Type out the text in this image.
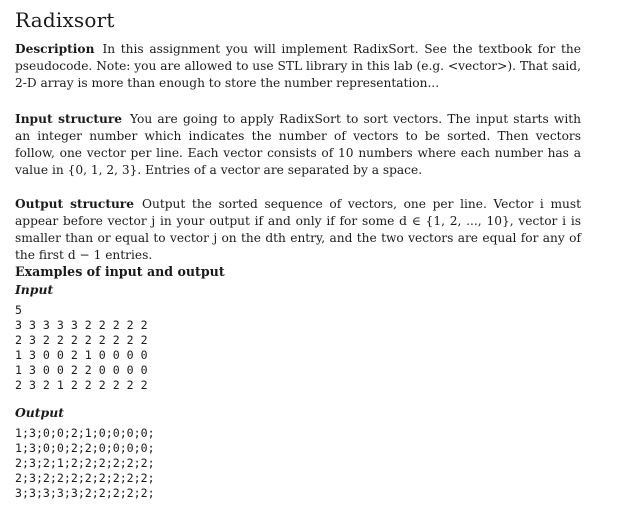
Radixsort

Description In this assignment you will implement RadixSort. See the textbook for the pseudocode. Note: you are allowed to use STL library in this lab (e.g. <vector>). That said, 2-D array is more than enough to store the number representation...

Input structure You are going to apply RadixSort to sort vectors. The input starts with an integer number which indicates the number of vectors to be sorted. Then vectors follow, one vector per line. Each vector consists of 10 numbers where each number has a value in {0, 1, 2, 3}. Entries of a vector are separated by a space.

Output structure Output the sorted sequence of vectors, one per line. Vector i must appear before vector j in your output if and only if for some d ∈ {1, 2, ..., 10}, vector i is smaller than or equal to vector j on the dth entry, and the two vectors are equal for any of the first d − 1 entries.

Examples of input and output
Input
5
3 3 3 3 3 2 2 2 2 2
2 3 2 2 2 2 2 2 2 2
1 3 0 0 2 1 0 0 0 0
1 3 0 0 2 2 0 0 0 0
2 3 2 1 2 2 2 2 2 2
Output
1;3;0;0;2;1;0;0;0;0;
1;3;0;0;2;2;0;0;0;0;
2;3;2;1;2;2;2;2;2;2;
2;3;2;2;2;2;2;2;2;2;
3;3;3;3;3;2;2;2;2;2;
